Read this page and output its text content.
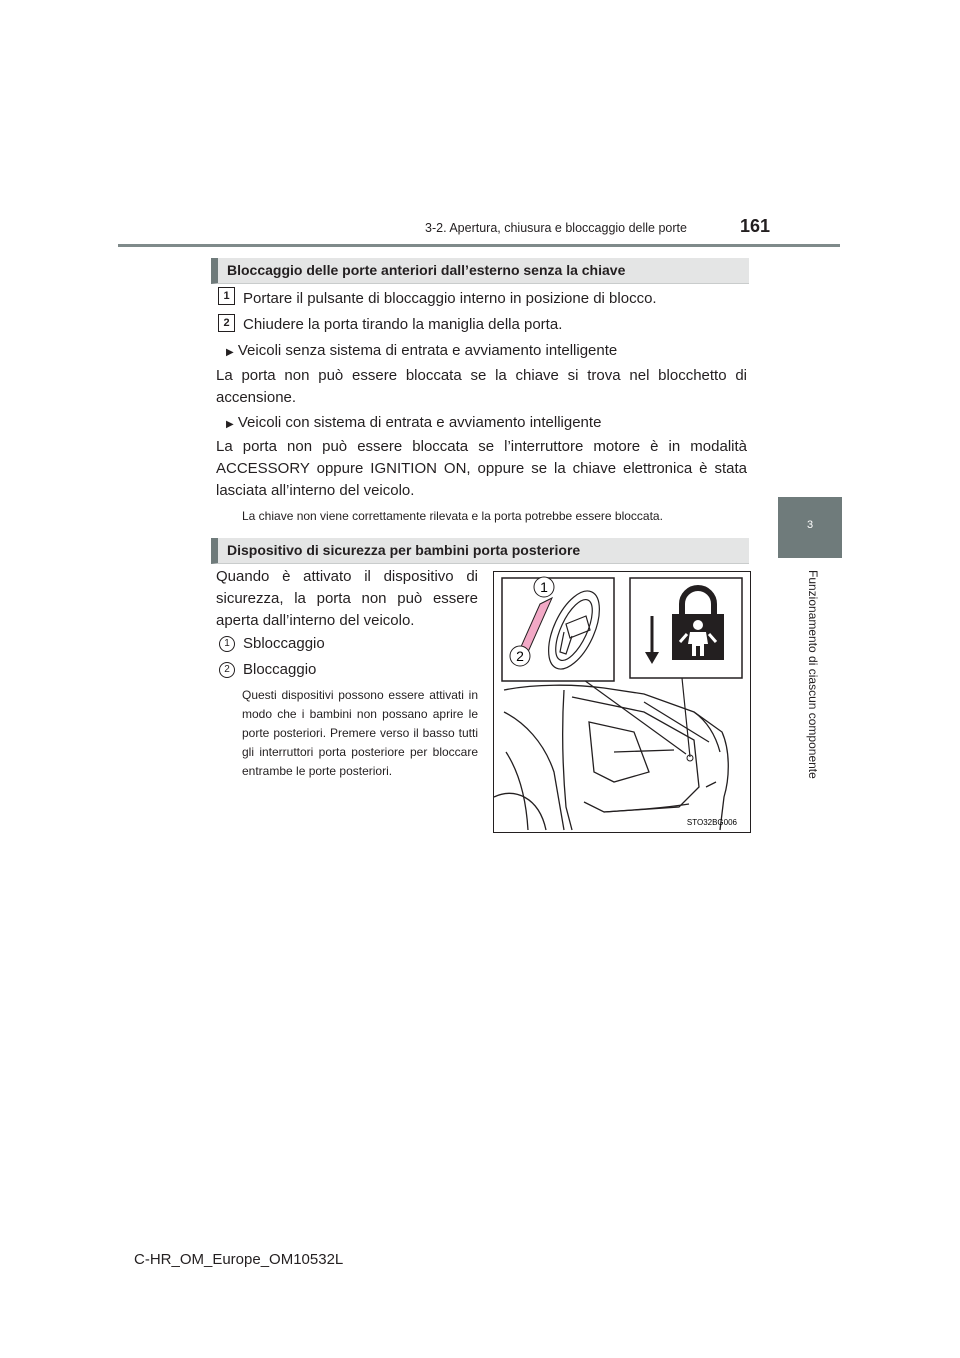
3-2. Apertura, chiusura e bloccaggio delle porte	161
3
Funzionamento di ciascun componente
Bloccaggio delle porte anteriori dall’esterno senza la chiave
1 Portare il pulsante di bloccaggio interno in posizione di blocco.
2 Chiudere la porta tirando la maniglia della porta.
▶ Veicoli senza sistema di entrata e avviamento intelligente
La porta non può essere bloccata se la chiave si trova nel blocchetto di accensione.
▶ Veicoli con sistema di entrata e avviamento intelligente
La porta non può essere bloccata se l’interruttore motore è in modalità ACCESSORY oppure IGNITION ON, oppure se la chiave elettronica è stata lasciata all’interno del veicolo.
La chiave non viene correttamente rilevata e la porta potrebbe essere bloccata.
Dispositivo di sicurezza per bambini porta posteriore
Quando è attivato il dispositivo di sicurezza, la porta non può essere aperta dall’interno del veicolo.
1 Sbloccaggio
2 Bloccaggio
Questi dispositivi possono essere attivati in modo che i bambini non possano aprire le porte posteriori. Premere verso il basso tutti gli interruttori porta posteriore per bloccare entrambe le porte posteriori.
1
2
STO32BG006
C-HR_OM_Europe_OM10532L
